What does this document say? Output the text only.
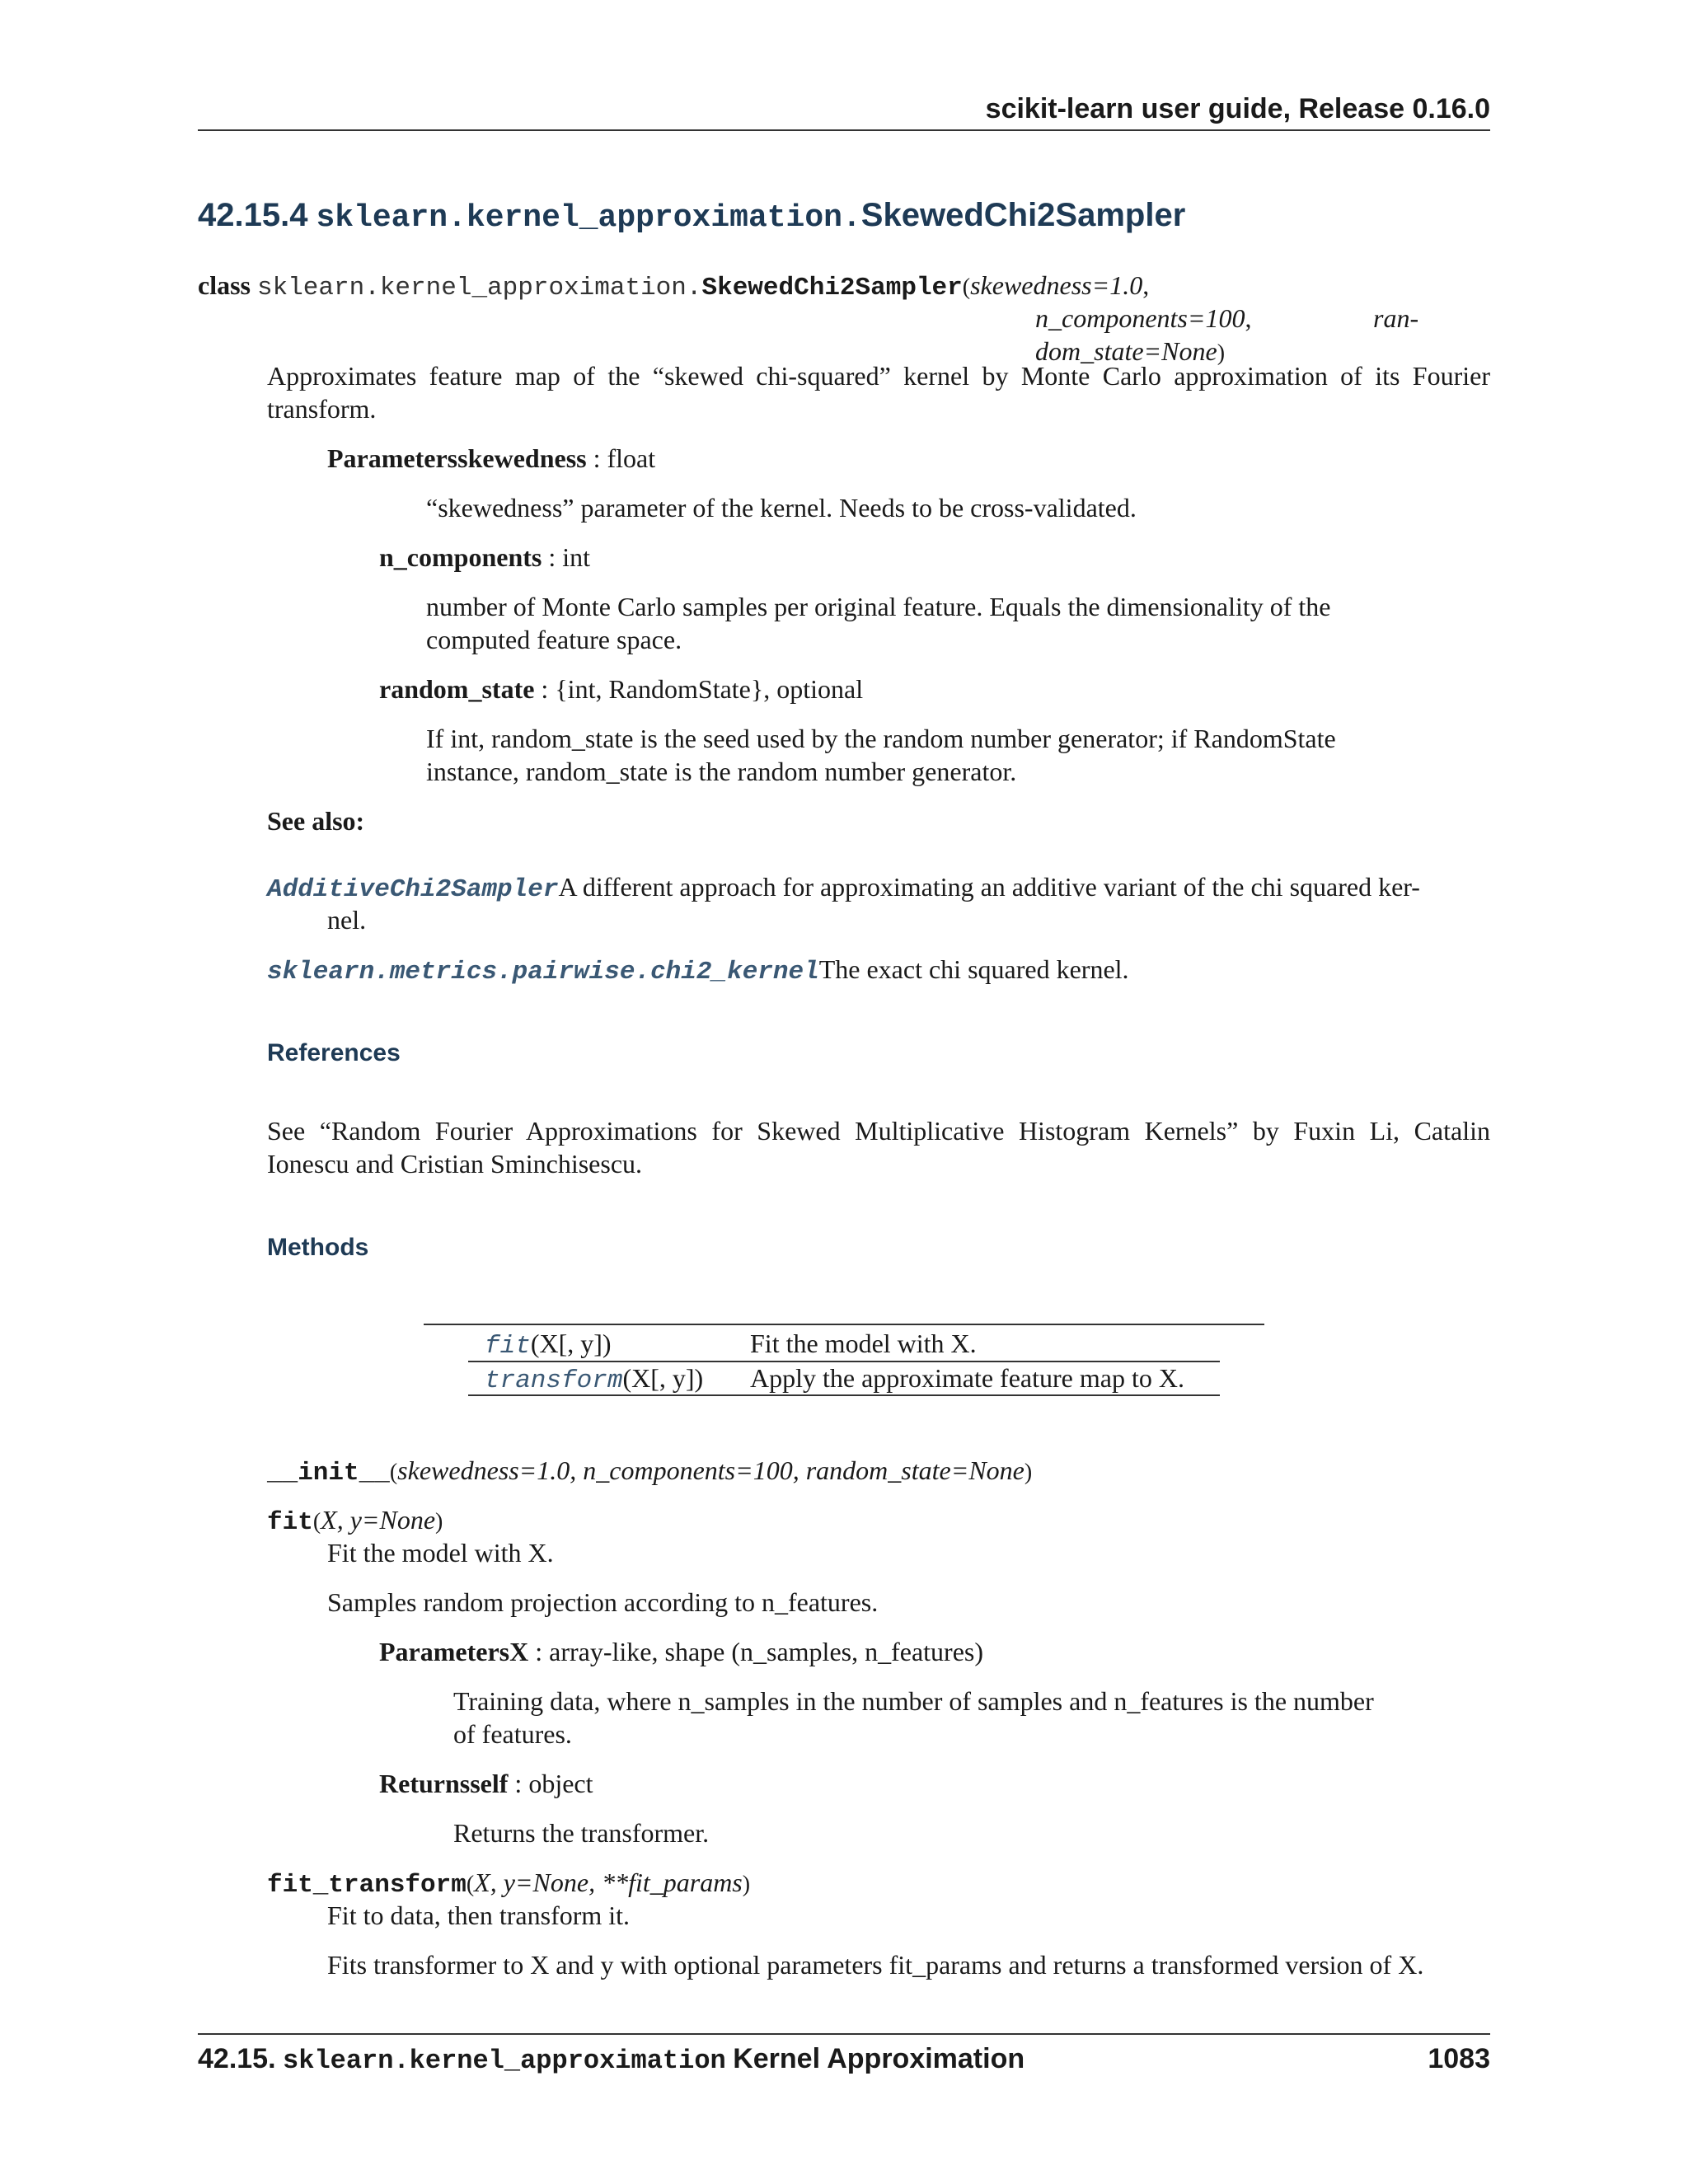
scikit-learn user guide, Release 0.16.0
42.15.4 sklearn.kernel_approximation.SkewedChi2Sampler
class sklearn.kernel_approximation.SkewedChi2Sampler(skewedness=1.0,
n_components=100,	ran-
dom_state=None)
Approximates feature map of the “skewed chi-squared” kernel by Monte Carlo approximation of its Fourier
transform.
Parametersskewedness : float
“skewedness” parameter of the kernel. Needs to be cross-validated.
n_components : int
number of Monte Carlo samples per original feature. Equals the dimensionality of the
computed feature space.
random_state : {int, RandomState}, optional
If int, random_state is the seed used by the random number generator; if RandomState
instance, random_state is the random number generator.
See also:
AdditiveChi2SamplerA different approach for approximating an additive variant of the chi squared ker-
nel.
sklearn.metrics.pairwise.chi2_kernelThe exact chi squared kernel.
References
See “Random Fourier Approximations for Skewed Multiplicative Histogram Kernels” by Fuxin Li, Catalin
Ionescu and Cristian Sminchisescu.
Methods
fit(X[, y])	Fit the model with X.
transform(X[, y]) Apply the approximate feature map to X.
__init__(skewedness=1.0, n_components=100, random_state=None)
fit(X, y=None)
Fit the model with X.
Samples random projection according to n_features.
ParametersX : array-like, shape (n_samples, n_features)
Training data, where n_samples in the number of samples and n_features is the number
of features.
Returnsself : object
Returns the transformer.
fit_transform(X, y=None, **fit_params)
Fit to data, then transform it.
Fits transformer to X and y with optional parameters fit_params and returns a transformed version of X.
42.15. sklearn.kernel_approximation Kernel Approximation	1083
